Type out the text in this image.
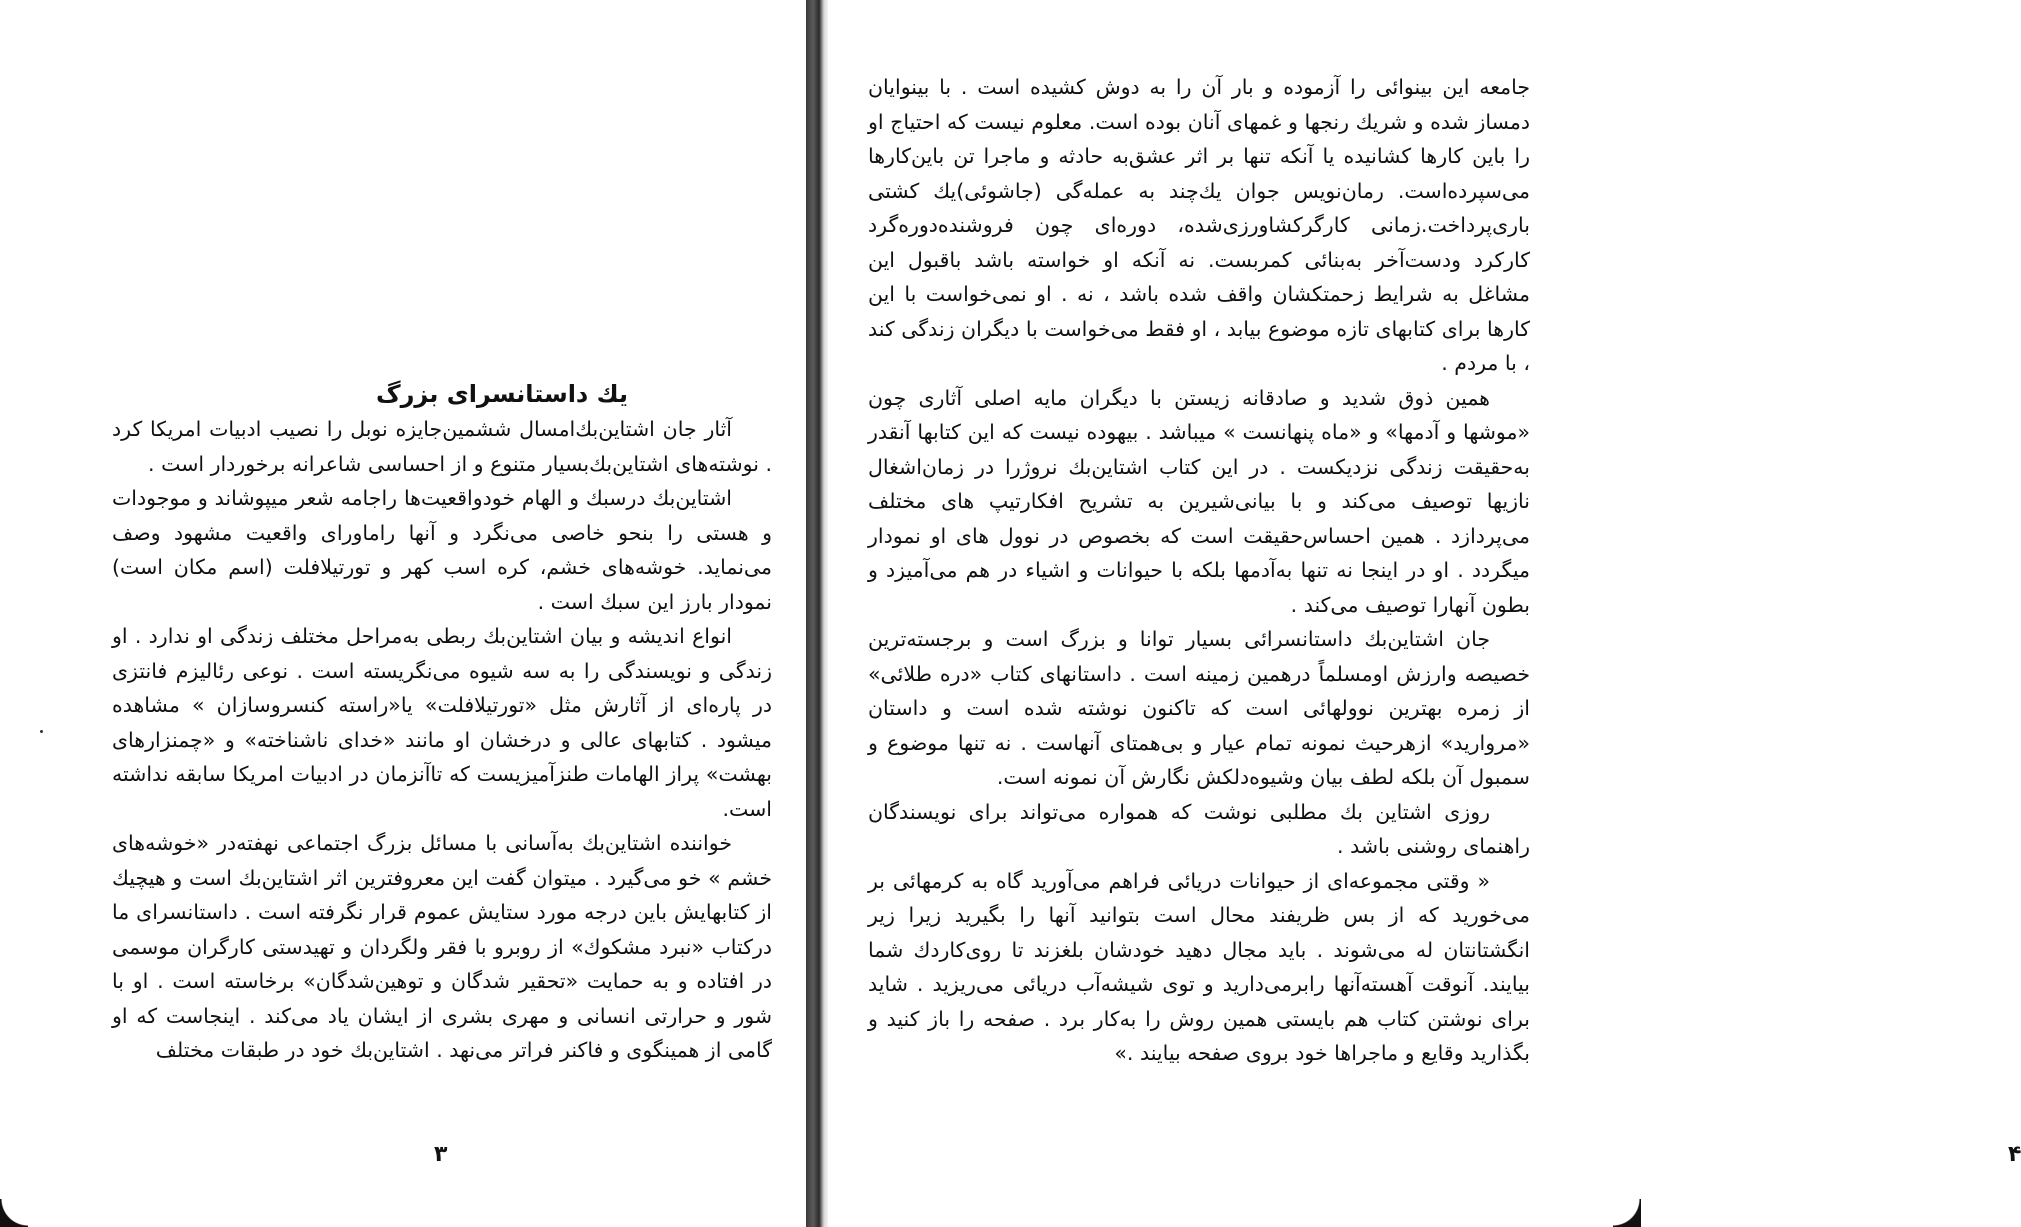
یك داستانسرای بزرگ

آثار جان اشتاین‌بك‌امسال ششمین‌جایزه نوبل را نصیب ادبیات امریکا کرد . نوشته‌های اشتاین‌بك‌بسیار متنوع و از احساسی شاعرانه برخوردار است .

اشتاین‌بك درسبك و الهام خودواقعیت‌ها راجامه شعر میپوشاند و موجودات و هستی را بنحو خاصی می‌نگرد و آنها راماورای واقعیت مشهود وصف می‌نماید. خوشه‌های خشم، کره اسب کهر و تورتیلافلت (اسم مکان است) نمودار بارز این سبك است .

انواع اندیشه و بیان اشتاین‌بك ربطی به‌مراحل مختلف زندگی او ندارد . او زندگی و نویسندگی را به سه شیوه می‌نگریسته است . نوعی رئالیزم فانتزی در پاره‌ای از آثارش مثل «تورتیلافلت» یا«راسته کنسروسازان » مشاهده میشود . کتابهای عالی و درخشان او مانند «خدای ناشناخته» و «چمنزارهای بهشت» پراز الهامات طنزآمیزیست که تاآنزمان در ادبیات امریکا سابقه نداشته است.

خواننده اشتاین‌بك به‌آسانی با مسائل بزرگ اجتماعی نهفته‌در «خوشه‌های خشم » خو می‌گیرد . میتوان گفت این معروفترین اثر اشتاین‌بك است و هیچیك از کتابهایش باین درجه مورد ستایش عموم قرار نگرفته است . داستانسرای ما درکتاب «نبرد مشکوك» از روبرو با فقر ولگردان و تهیدستی کارگران موسمی در افتاده و به حمایت «تحقیر شدگان و توهین‌شدگان» برخاسته است . او با شور و حرارتی انسانی و مهری بشری از ایشان یاد می‌کند . اینجاست که او گامی از همینگوی و فاکنر فراتر می‌نهد . اشتاین‌بك خود در طبقات مختلف

۳	۴

جامعه این بینوائی را آزموده و بار آن را به دوش کشیده است . با بینوایان دمساز شده و شریك رنجها و غمهای آنان بوده است. معلوم نیست که احتیاج او را باین کارها کشانیده یا آنکه تنها بر اثر عشق‌به حادثه و ماجرا تن باین‌کارها می‌سپرده‌است. رمان‌نویس جوان یك‌چند به عمله‌گی (جاشوئی)یك کشتی باری‌پرداخت.زمانی کارگرکشاورزی‌شده، دوره‌ای چون فروشنده‌دوره‌گرد کارکرد ودست‌آخر به‌بنائی کمربست. نه آنکه او خواسته باشد باقبول این مشاغل به شرایط زحمتکشان واقف شده باشد ، نه . او نمی‌خواست با این کارها برای کتابهای تازه موضوع بیابد ، او فقط می‌خواست با دیگران زندگی کند ، با مردم .

همین ذوق شدید و صادقانه زیستن با دیگران مایه اصلی آثاری چون «موشها و آدمها» و «ماه پنهانست » میباشد . بیهوده نیست که این کتابها آنقدر به‌حقیقت زندگی نزدیکست . در این کتاب اشتاین‌بك نروژرا در زمان‌اشغال نازیها توصیف می‌کند و با بیانی‌شیرین به تشریح افکارتیپ‌ های مختلف می‌پردازد . همین احساس‌حقیقت است که بخصوص در نوول‌ های او نمودار میگردد . او در اینجا نه تنها به‌آدمها بلکه با حیوانات و اشیاء در هم می‌آمیزد و بطون آنهارا توصیف می‌کند .

جان اشتاین‌بك داستانسرائی بسیار توانا و بزرگ است و برجسته‌ترین خصیصه وارزش اومسلماً درهمین زمینه است . داستانهای کتاب «دره طلائی» از زمره بهترین نوولهائی است که تاکنون نوشته شده است و داستان «مروارید» ازهرحیث نمونه تمام عیار و بی‌همتای آنهاست . نه تنها موضوع و سمبول آن بلکه لطف بیان وشیوه‌دلکش نگارش آن نمونه است.

روزی اشتاین بك مطلبی نوشت که همواره می‌تواند برای نویسندگان راهنمای روشنی باشد .

« وقتی مجموعه‌ای از حیوانات دریائی فراهم می‌آورید گاه به کرمهائی بر می‌خورید که از بس ظریفند محال است بتوانید آنها را بگیرید زیرا زیر انگشتانتان له می‌شوند . باید مجال دهید خودشان بلغزند تا روی‌کاردك شما بیایند. آنوقت آهسته‌آنها رابرمی‌دارید و توی شیشه‌آب دریائی می‌ریزید . شاید برای نوشتن کتاب هم بایستی همین روش را به‌کار برد . صفحه را باز کنید و بگذارید وقایع و ماجراها خود بروی صفحه بیایند .»
